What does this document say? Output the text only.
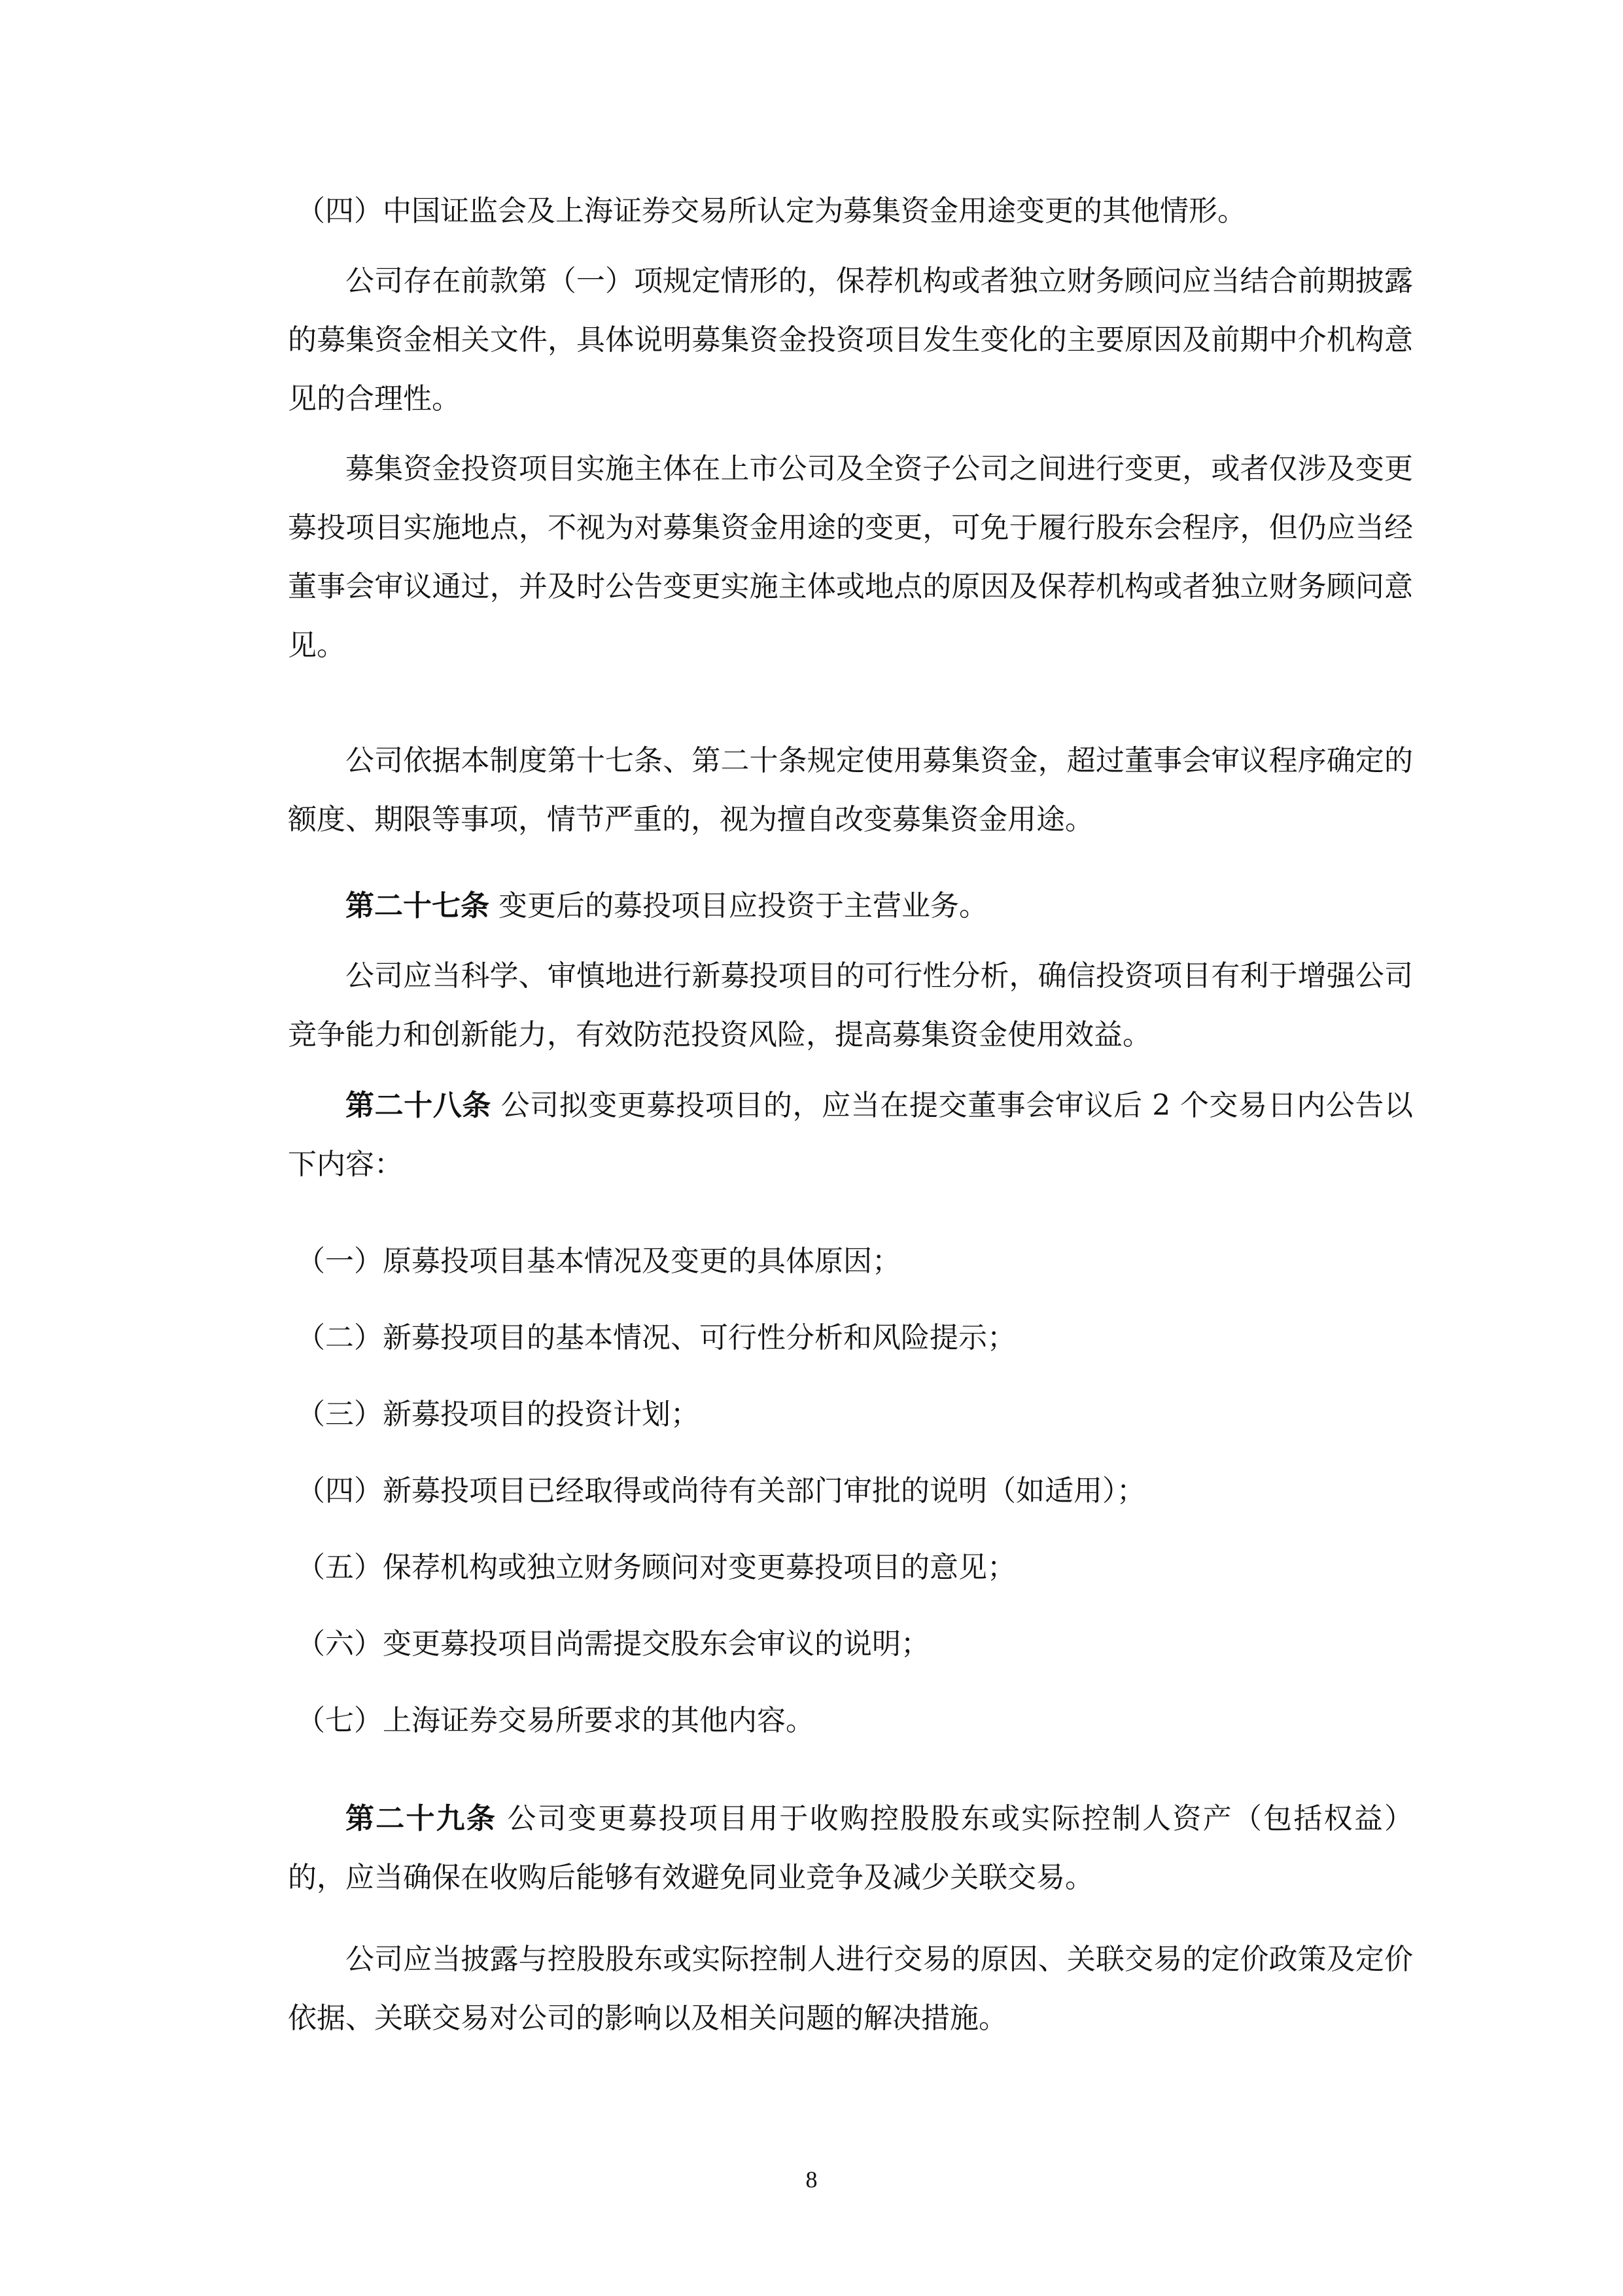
（四）中国证监会及上海证券交易所认定为募集资金用途变更的其他情形。

公司存在前款第（一）项规定情形的，保荐机构或者独立财务顾问应当结合前期披露的募集资金相关文件，具体说明募集资金投资项目发生变化的主要原因及前期中介机构意见的合理性。

募集资金投资项目实施主体在上市公司及全资子公司之间进行变更，或者仅涉及变更募投项目实施地点，不视为对募集资金用途的变更，可免于履行股东会程序，但仍应当经董事会审议通过，并及时公告变更实施主体或地点的原因及保荐机构或者独立财务顾问意见。

公司依据本制度第十七条、第二十条规定使用募集资金，超过董事会审议程序确定的额度、期限等事项，情节严重的，视为擅自改变募集资金用途。

第二十七条 变更后的募投项目应投资于主营业务。

公司应当科学、审慎地进行新募投项目的可行性分析，确信投资项目有利于增强公司竞争能力和创新能力，有效防范投资风险，提高募集资金使用效益。

第二十八条 公司拟变更募投项目的，应当在提交董事会审议后 2 个交易日内公告以下内容：

（一）原募投项目基本情况及变更的具体原因；

（二）新募投项目的基本情况、可行性分析和风险提示；

（三）新募投项目的投资计划；

（四）新募投项目已经取得或尚待有关部门审批的说明（如适用）；

（五）保荐机构或独立财务顾问对变更募投项目的意见；

（六）变更募投项目尚需提交股东会审议的说明；

（七）上海证券交易所要求的其他内容。

第二十九条 公司变更募投项目用于收购控股股东或实际控制人资产（包括权益）的，应当确保在收购后能够有效避免同业竞争及减少关联交易。

公司应当披露与控股股东或实际控制人进行交易的原因、关联交易的定价政策及定价依据、关联交易对公司的影响以及相关问题的解决措施。

8
